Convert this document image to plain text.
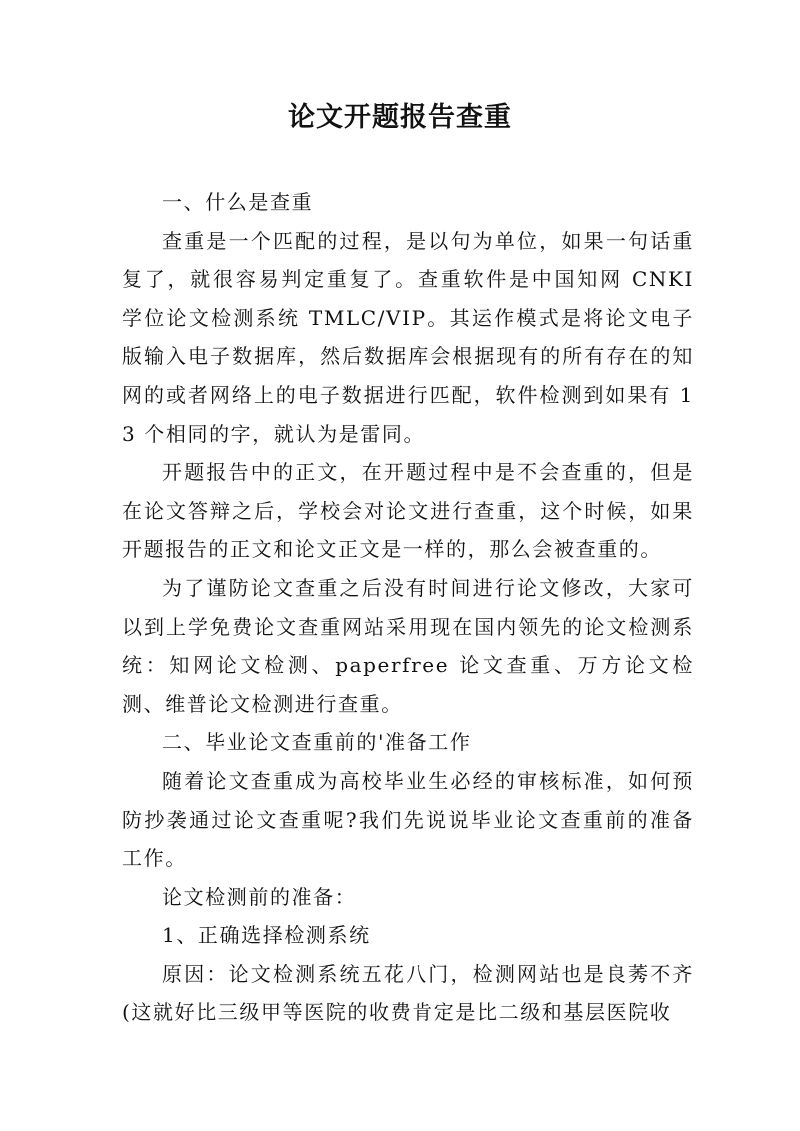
论文开题报告查重

一、什么是查重

查重是一个匹配的过程，是以句为单位，如果一句话重复了，就很容易判定重复了。查重软件是中国知网 CNKI 学位论文检测系统 TMLC/VIP。其运作模式是将论文电子版输入电子数据库，然后数据库会根据现有的所有存在的知网的或者网络上的电子数据进行匹配，软件检测到如果有 13 个相同的字，就认为是雷同。

开题报告中的正文，在开题过程中是不会查重的，但是在论文答辩之后，学校会对论文进行查重，这个时候，如果开题报告的正文和论文正文是一样的，那么会被查重的。

为了谨防论文查重之后没有时间进行论文修改，大家可以到上学免费论文查重网站采用现在国内领先的论文检测系统：知网论文检测、paperfree 论文查重、万方论文检测、维普论文检测进行查重。

二、毕业论文查重前的'准备工作

随着论文查重成为高校毕业生必经的审核标准，如何预防抄袭通过论文查重呢?我们先说说毕业论文查重前的准备工作。

论文检测前的准备：

1、正确选择检测系统

原因：论文检测系统五花八门，检测网站也是良莠不齐(这就好比三级甲等医院的收费肯定是比二级和基层医院收
